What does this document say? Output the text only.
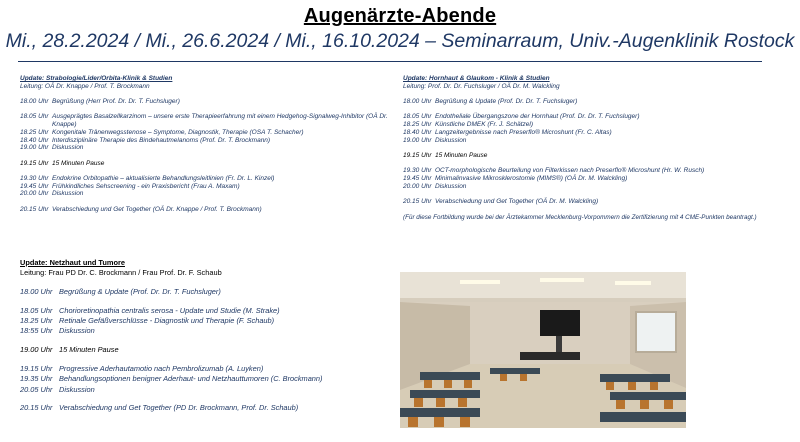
Augenärzte-Abende
Mi., 28.2.2024 / Mi., 26.6.2024 / Mi., 16.10.2024 – Seminarraum, Univ.-Augenklinik Rostock
Update: Strabologie/Lider/Orbita-Klinik & Studien
Leitung: OÄ Dr. Knappe / Prof. T. Brockmann
18.00 Uhr Begrüßung (Herr Prof. Dr. Dr. T. Fuchsluger)
18.05 Uhr Ausgeprägtes Basalzellkarzinom – unsere erste Therapieerfahrung mit einem Hedgehog-Signalweg-Inhibitor (OÄ Dr. Knappe)
18.25 Uhr Kongenitale Tränenwegsstenose – Symptome, Diagnostik, Therapie (OSA T. Schacher)
18.40 Uhr Interdisziplinäre Therapie des Bindehautmelanoms (Prof. Dr. T. Brockmann)
19.00 Uhr Diskussion
19.15 Uhr 15 Minuten Pause
19.30 Uhr Endokrine Orbitopathie – aktualisierte Behandlungsleitlinien (Fr. Dr. L. Kinzel)
19.45 Uhr Frühkindliches Sehscreening - ein Praxisbericht (Frau A. Maxam)
20.00 Uhr Diskussion
20.15 Uhr Verabschiedung und Get Together (OÄ Dr. Knappe / Prof. T. Brockmann)
Update: Hornhaut & Glaukom - Klinik & Studien
Leitung: Prof. Dr. Dr. Fuchsluger / OÄ Dr. M. Walckling
18.00 Uhr Begrüßung & Update (Prof. Dr. Dr. T. Fuchsluger)
18.05 Uhr Endotheliale Übergangszone der Hornhaut (Prof. Dr. Dr. T. Fuchsluger)
18.25 Uhr Künstliche DMEK (Fr. J. Schätzel)
18.40 Uhr Langzeitergebnisse nach Preserflo® Microshunt (Fr. C. Altas)
19.00 Uhr Diskussion
19.15 Uhr 15 Minuten Pause
19.30 Uhr OCT-morphologische Beurteilung von Filterkissen nach Preserflo® Microshunt (Hr. W. Rusch)
19.45 Uhr Minimalinvasive Mikrosklerostomie (MIMS®) (OÄ Dr. M. Walckling)
20.00 Uhr Diskussion
20.15 Uhr Verabschiedung und Get Together (OÄ Dr. M. Walckling)
(Für diese Fortbildung wurde bei der Ärztekammer Mecklenburg-Vorpommern die Zertifizierung mit 4 CME-Punkten beantragt.)
Update: Netzhaut und Tumore
Leitung: Frau PD Dr. C. Brockmann / Frau Prof. Dr. F. Schaub
18.00 Uhr Begrüßung & Update (Prof. Dr. Dr. T. Fuchsluger)
18.05 Uhr Chorioretinopathia centralis serosa - Update und Studie (M. Strake)
18.25 Uhr Retinale Gefäßverschlüsse - Diagnostik und Therapie (F. Schaub)
18:55 Uhr Diskussion
19.00 Uhr 15 Minuten Pause
19.15 Uhr Progressive Aderhautamotio nach Pembrolizumab (A. Luyken)
19.35 Uhr Behandlungsoptionen benigner Aderhaut- und Netzhauttumoren (C. Brockmann)
20.05 Uhr Diskussion
20.15 Uhr Verabschiedung und Get Together (PD Dr. Brockmann, Prof. Dr. Schaub)
